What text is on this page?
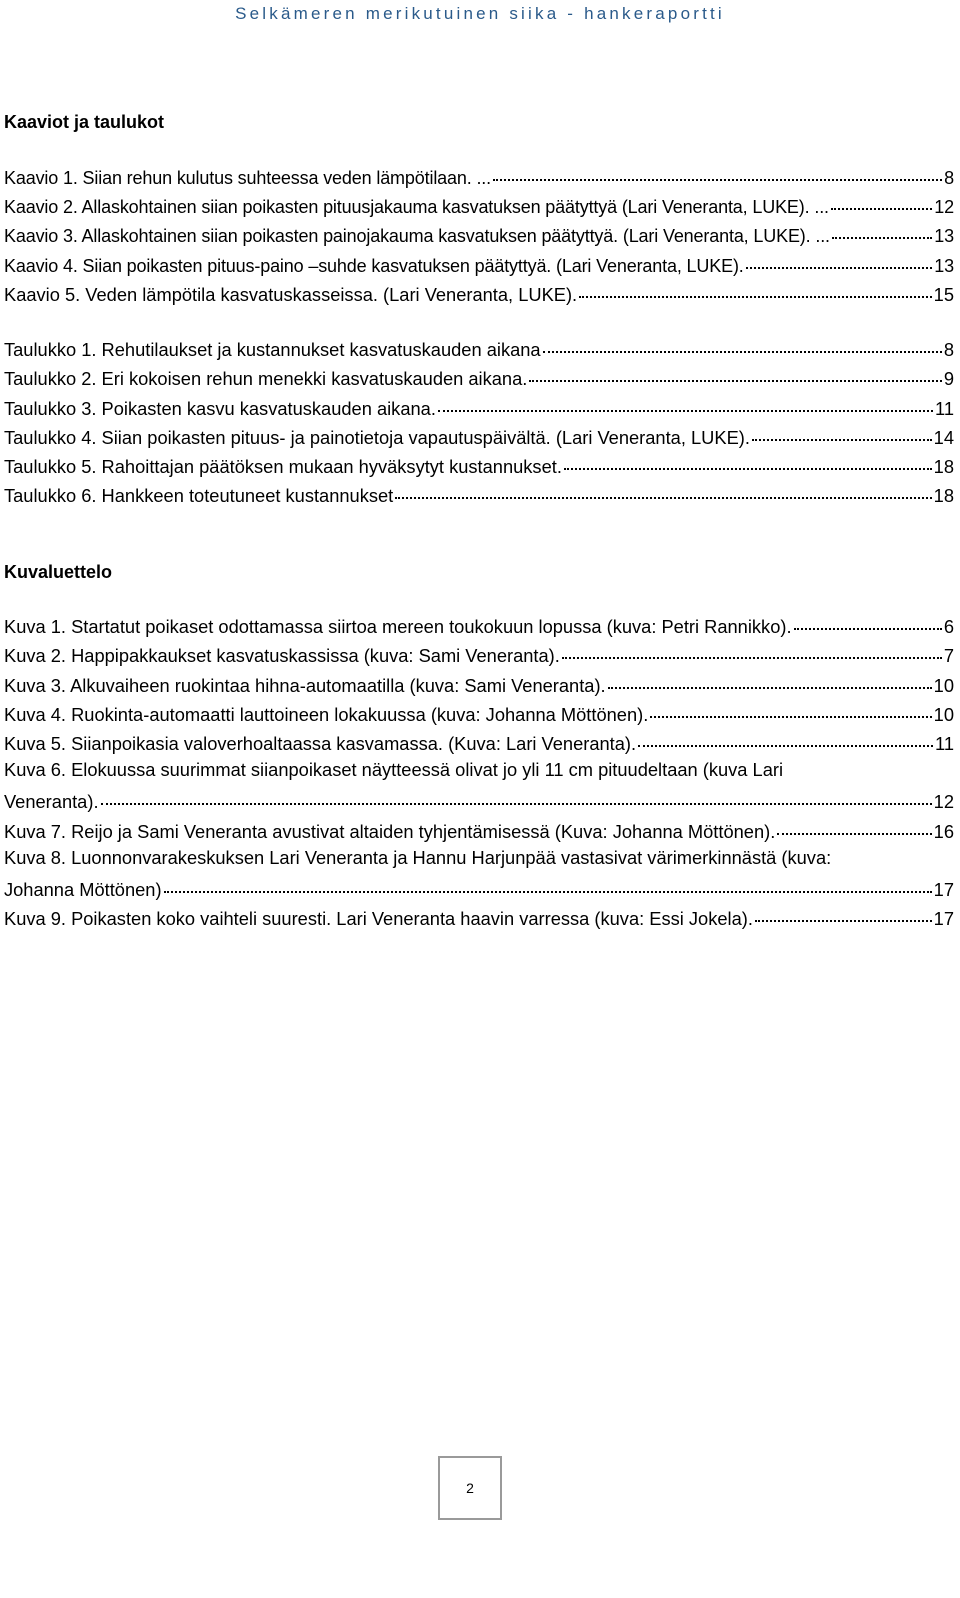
Selkämeren merikutuinen siika - hankeraportti
Kaaviot ja taulukot
Kaavio 1. Siian rehun kulutus suhteessa veden lämpötilaan. ...	8
Kaavio 2. Allaskohtainen siian poikasten pituusjakauma kasvatuksen päätyttyä (Lari Veneranta, LUKE). ...	12
Kaavio 3. Allaskohtainen siian poikasten painojakauma kasvatuksen päätyttyä. (Lari Veneranta, LUKE). ...	13
Kaavio 4. Siian poikasten pituus-paino –suhde kasvatuksen päätyttyä. (Lari Veneranta, LUKE).	13
Kaavio 5. Veden lämpötila kasvatuskasseissa. (Lari Veneranta, LUKE).	15
Taulukko 1. Rehutilaukset ja kustannukset kasvatuskauden aikana	8
Taulukko 2. Eri kokoisen rehun menekki kasvatuskauden aikana.	9
Taulukko 3. Poikasten kasvu kasvatuskauden aikana.	11
Taulukko 4. Siian poikasten pituus- ja painotietoja vapautuspäivältä. (Lari Veneranta, LUKE).	14
Taulukko 5. Rahoittajan päätöksen mukaan hyväksytyt kustannukset.	18
Taulukko 6. Hankkeen toteutuneet kustannukset	18
Kuvaluettelo
Kuva 1. Startatut poikaset odottamassa siirtoa mereen toukokuun lopussa (kuva: Petri Rannikko).	6
Kuva 2. Happipakkaukset kasvatuskassissa (kuva: Sami Veneranta).	7
Kuva 3. Alkuvaiheen ruokintaa hihna-automaatilla (kuva: Sami Veneranta).	10
Kuva 4. Ruokinta-automaatti lauttoineen lokakuussa (kuva: Johanna Möttönen).	10
Kuva 5. Siianpoikasia valoverhoaltaassa kasvamassa. (Kuva: Lari Veneranta).	11
Kuva 6. Elokuussa suurimmat siianpoikaset näytteessä olivat jo yli 11 cm pituudeltaan (kuva Lari
Veneranta).	12
Kuva 7. Reijo ja Sami Veneranta avustivat altaiden tyhjentämisessä (Kuva: Johanna Möttönen).	16
Kuva 8. Luonnonvarakeskuksen Lari Veneranta ja Hannu Harjunpää vastasivat värimerkinnästä (kuva:
Johanna Möttönen)	17
Kuva 9. Poikasten koko vaihteli suuresti. Lari Veneranta haavin varressa (kuva: Essi Jokela).	17
2
